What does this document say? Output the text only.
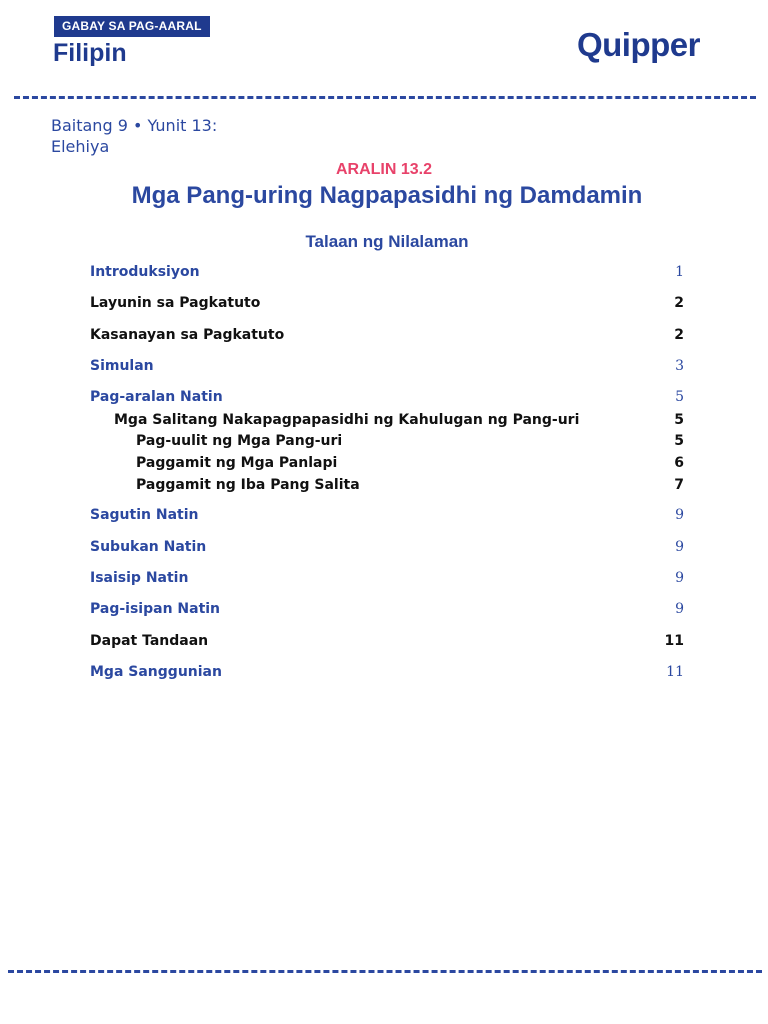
GABAY SA PAG-AARAL
Filipin	Quipper
Baitang 9 • Yunit 13:
Elehiya
ARALIN 13.2
Mga Pang-uring Nagpapasidhi ng Damdamin
Talaan ng Nilalaman
Introduksiyon	1
Layunin sa Pagkatuto	2
Kasanayan sa Pagkatuto	2
Simulan	3
Pag-aralan Natin	5
Mga Salitang Nakapagpapasidhi ng Kahulugan ng Pang-uri	5
Pag-uulit ng Mga Pang-uri	5
Paggamit ng Mga Panlapi	6
Paggamit ng Iba Pang Salita	7
Sagutin Natin	9
Subukan Natin	9
Isaisip Natin	9
Pag-isipan Natin	9
Dapat Tandaan	11
Mga Sanggunian	11
